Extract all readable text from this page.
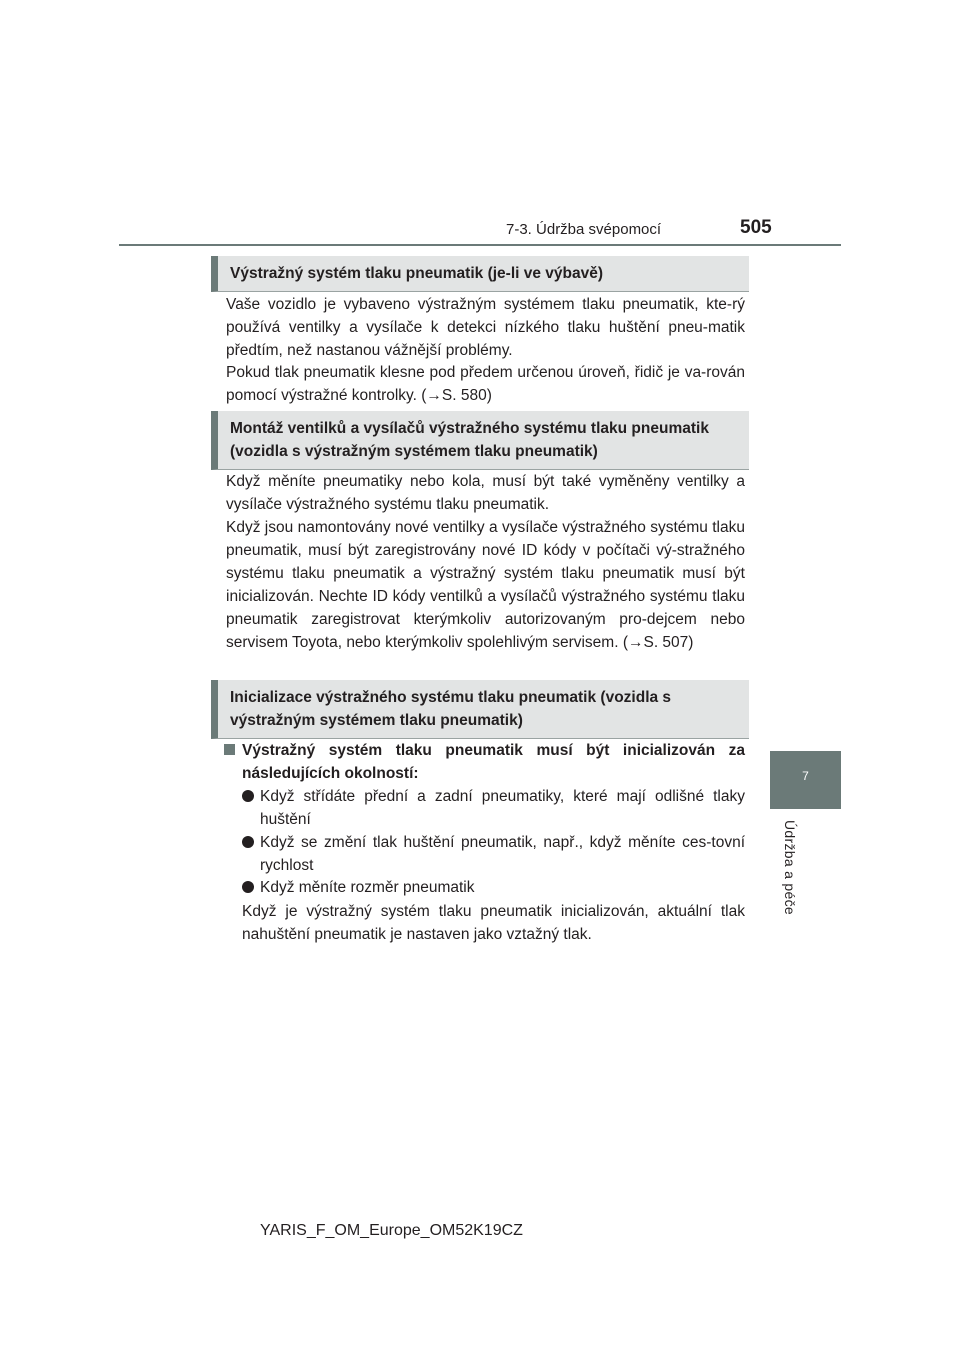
7-3. Údržba svépomocí	505
7
Údržba a péče
Výstražný systém tlaku pneumatik (je-li ve výbavě)

Vaše vozidlo je vybaveno výstražným systémem tlaku pneumatik, kte-rý používá ventilky a vysílače k detekci nízkého tlaku huštění pneu-matik předtím, než nastanou vážnější problémy.

Pokud tlak pneumatik klesne pod předem určenou úroveň, řidič je va-rován pomocí výstražné kontrolky. (→S. 580)

Montáž ventilků a vysílačů výstražného systému tlaku pneumatik (vozidla s výstražným systémem tlaku pneumatik)

Když měníte pneumatiky nebo kola, musí být také vyměněny ventilky a vysílače výstražného systému tlaku pneumatik.

Když jsou namontovány nové ventilky a vysílače výstražného systému tlaku pneumatik, musí být zaregistrovány nové ID kódy v počítači vý-stražného systému tlaku pneumatik a výstražný systém tlaku pneumatik musí být inicializován. Nechte ID kódy ventilků a vysílačů výstražného systému tlaku pneumatik zaregistrovat kterýmkoliv autorizovaným pro-dejcem nebo servisem Toyota, nebo kterýmkoliv spolehlivým servisem. (→S. 507)

Inicializace výstražného systému tlaku pneumatik (vozidla s výstražným systémem tlaku pneumatik)
Výstražný systém tlaku pneumatik musí být inicializován za následujících okolností:
Když střídáte přední a zadní pneumatiky, které mají odlišné tlaky huštění
Když se změní tlak huštění pneumatik, např., když měníte ces-tovní rychlost
Když měníte rozměr pneumatik

Když je výstražný systém tlaku pneumatik inicializován, aktuální tlak nahuštění pneumatik je nastaven jako vztažný tlak.

YARIS_F_OM_Europe_OM52K19CZ
